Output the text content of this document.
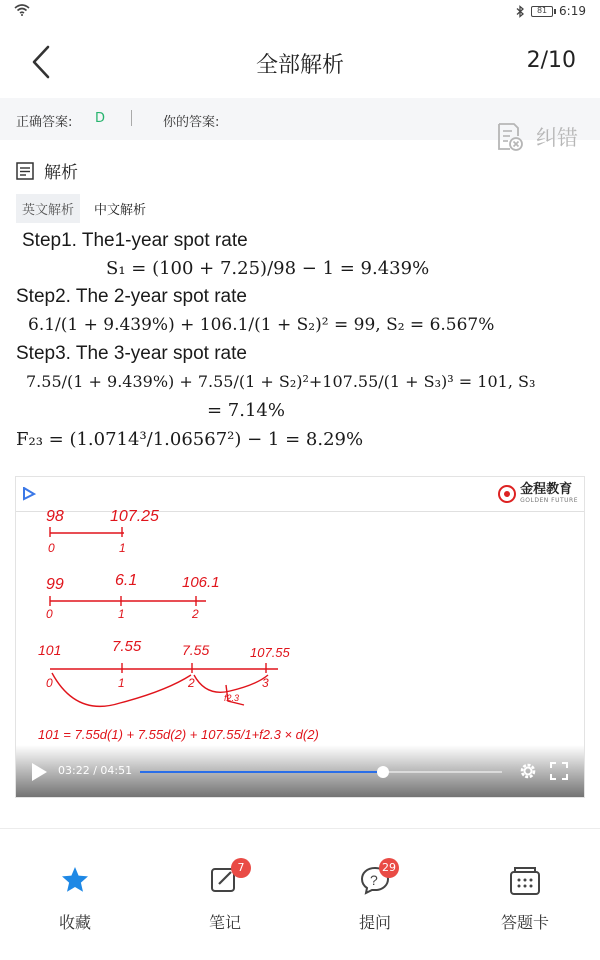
81 6:19
全部解析	2/10
正确答案: D	你的答案:
纠错
解析
英文解析	中文解析
Step1. The1-year spot rate
S₁ = (100 + 7.25)/98 − 1 = 9.439%
Step2. The 2-year spot rate
6.1/(1 + 9.439%) + 106.1/(1 + S₂)² = 99, S₂ = 6.567%
Step3. The 3-year spot rate
7.55/(1 + 9.439%) + 7.55/(1 + S₂)²+107.55/(1 + S₃)³ = 101, S₃
= 7.14%
F₂₃ = (1.0714³/1.06567²) − 1 = 8.29%
金程教育
GOLDEN FUTURE
98	107.25
0	1
99	6.1	106.1
0	1	2
101	7.55	7.55	107.55
0	1	2	3
f2.3
101 = 7.55d(1) + 7.55d(2) + 107.55/1+f2.3 × d(2)
03:22 / 04:51
收藏
7
笔记
?
29
提问	答题卡
